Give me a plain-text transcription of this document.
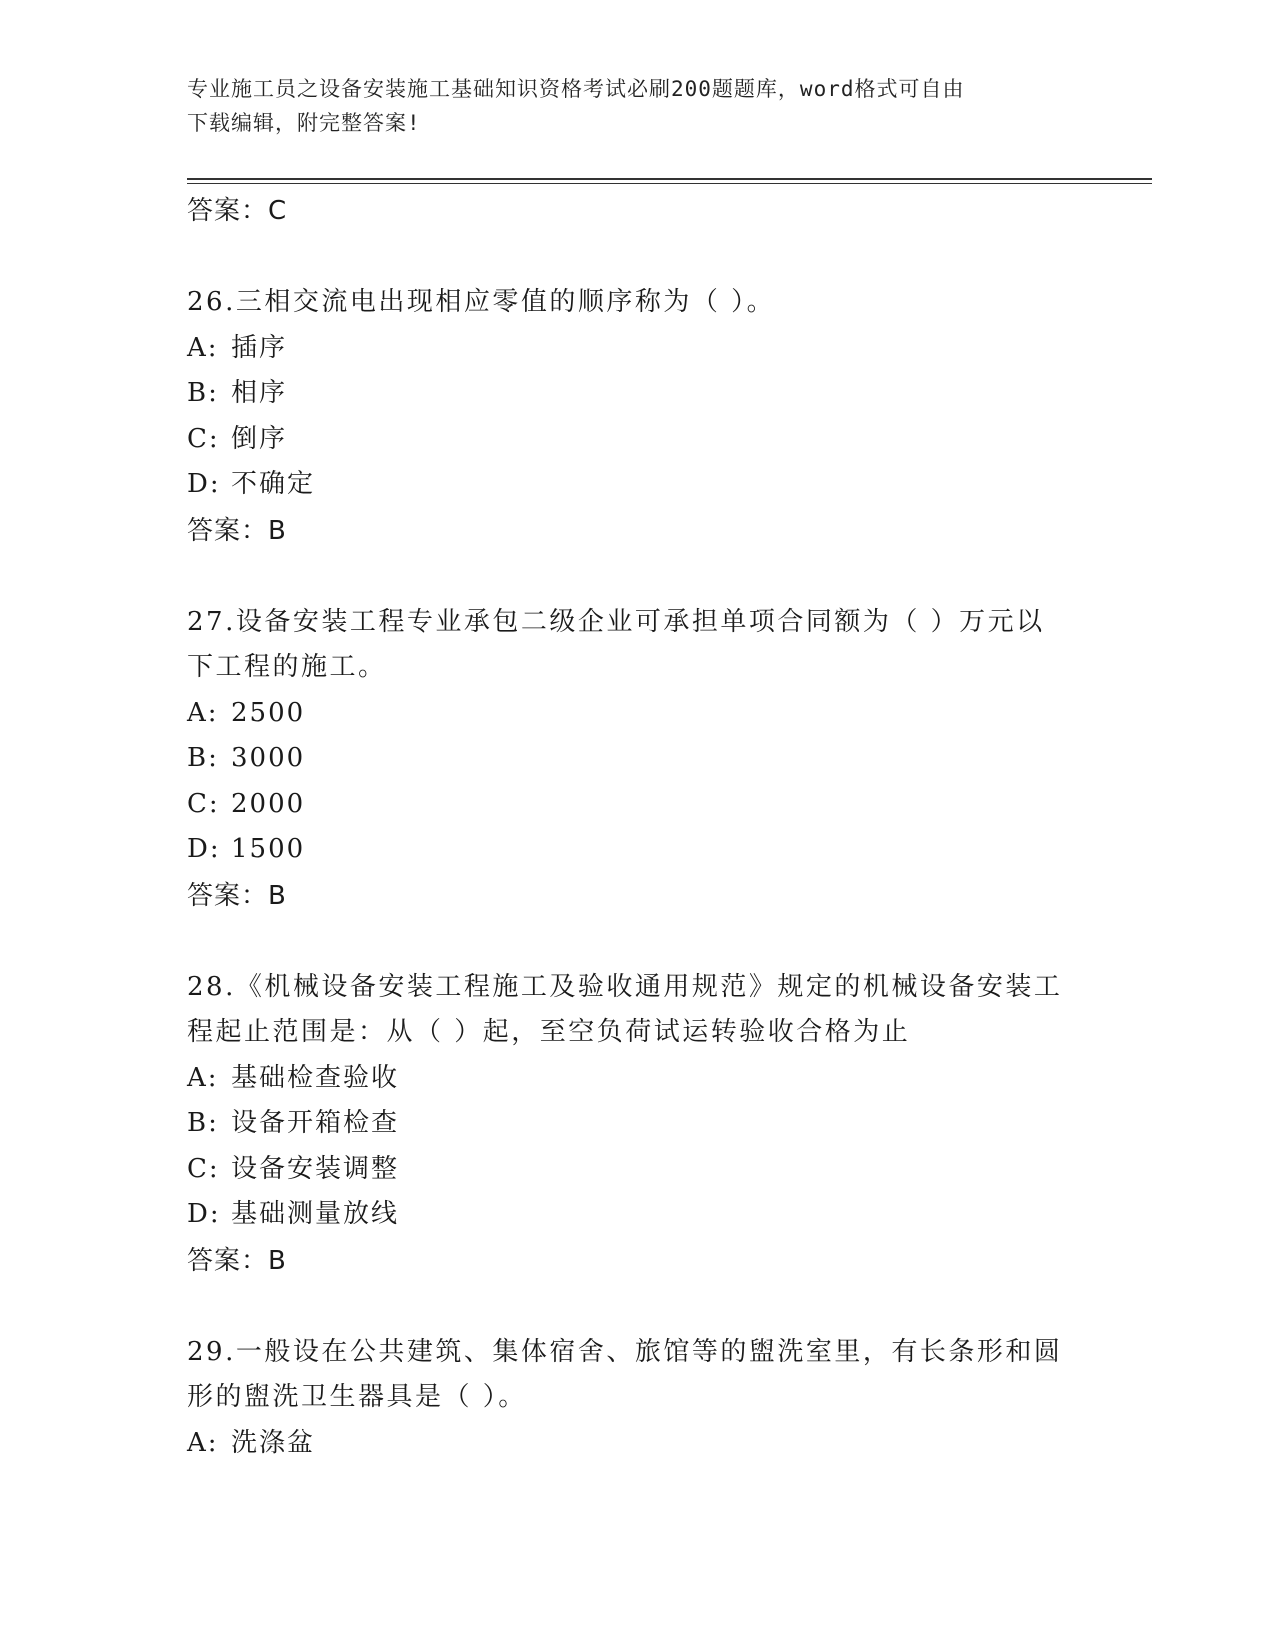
专业施工员之设备安装施工基础知识资格考试必刷200题题库，word格式可自由
下载编辑，附完整答案!
答案：C
26.三相交流电出现相应零值的顺序称为（ ）。
A: 插序
B: 相序
C: 倒序
D: 不确定
答案：B
27.设备安装工程专业承包二级企业可承担单项合同额为（ ）万元以下工程的施工。
A: 2500
B: 3000
C: 2000
D: 1500
答案：B
28.《机械设备安装工程施工及验收通用规范》规定的机械设备安装工程起止范围是：从（ ）起，至空负荷试运转验收合格为止
A: 基础检查验收
B: 设备开箱检查
C: 设备安装调整
D: 基础测量放线
答案：B
29.一般设在公共建筑、集体宿舍、旅馆等的盥洗室里，有长条形和圆形的盥洗卫生器具是（ ）。
A: 洗涤盆
